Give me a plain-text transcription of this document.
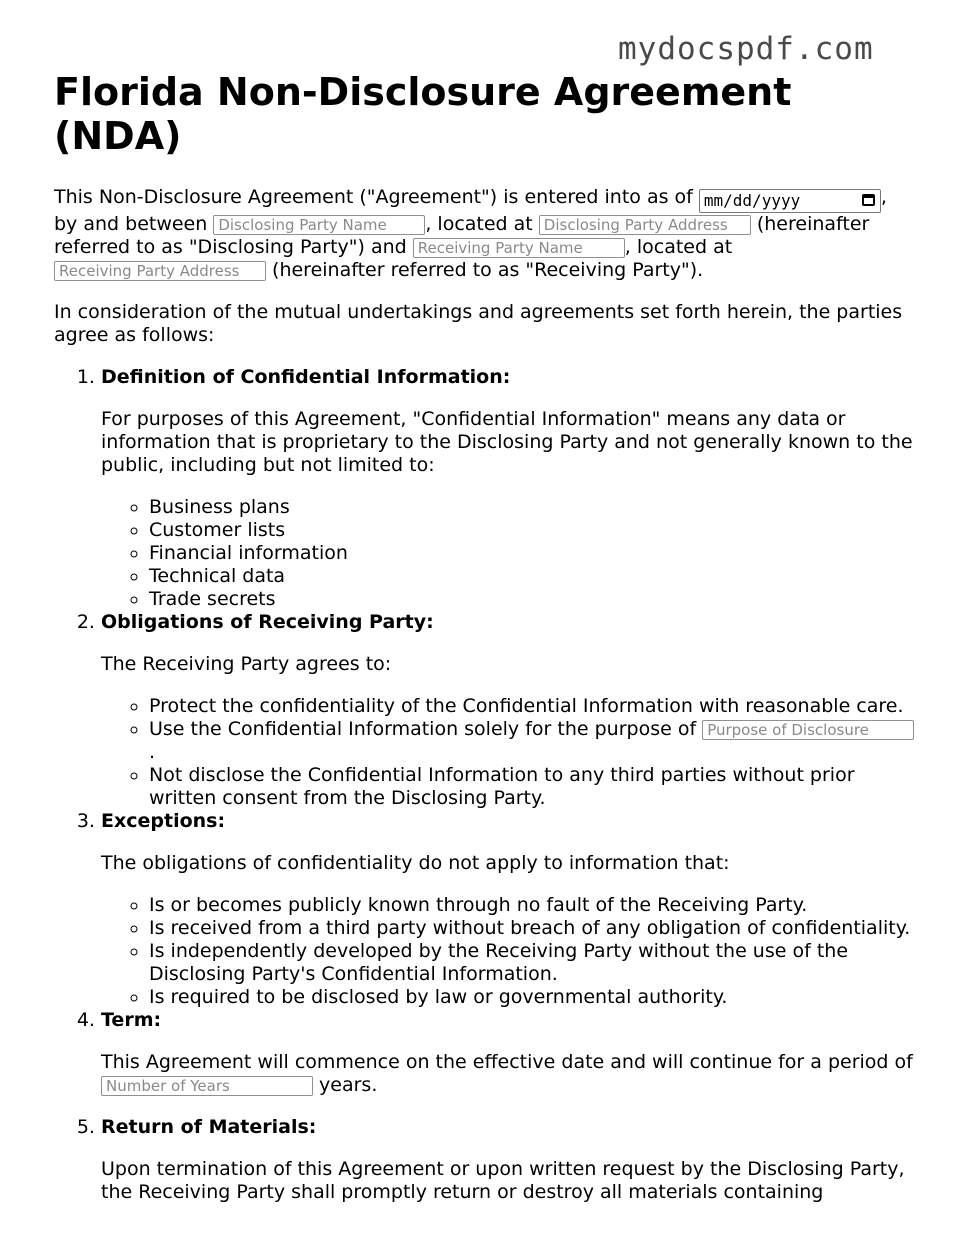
mydocspdf.com
Florida Non-Disclosure Agreement (NDA)

This Non-Disclosure Agreement ("Agreement") is entered into as of mm/dd/yyyy	, by and between Disclosing Party Name	, located at Disclosing Party Address	(hereinafter referred to as "Disclosing Party") and Receiving Party Name	, located at Receiving Party Address (hereinafter referred to as "Receiving Party").

In consideration of the mutual undertakings and agreements set forth herein, the parties agree as follows:

1. Definition of Confidential Information:

For purposes of this Agreement, "Confidential Information" means any data or information that is proprietary to the Disclosing Party and not generally known to the public, including but not limited to:

◦ Business plans
◦ Customer lists
◦ Financial information
◦ Technical data
◦ Trade secrets
2. Obligations of Receiving Party:

The Receiving Party agrees to:

◦ Protect the confidentiality of the Confidential Information with reasonable care.
◦ Use the Confidential Information solely for the purpose of Purpose of Disclosure
.
◦ Not disclose the Confidential Information to any third parties without prior written consent from the Disclosing Party.
3. Exceptions:

The obligations of confidentiality do not apply to information that:

◦ Is or becomes publicly known through no fault of the Receiving Party.
◦ Is received from a third party without breach of any obligation of confidentiality.
◦ Is independently developed by the Receiving Party without the use of the Disclosing Party's Confidential Information.
◦ Is required to be disclosed by law or governmental authority.
4. Term:

This Agreement will commence on the effective date and will continue for a period of Number of Years years.

5. Return of Materials:

Upon termination of this Agreement or upon written request by the Disclosing Party, the Receiving Party shall promptly return or destroy all materials containing
